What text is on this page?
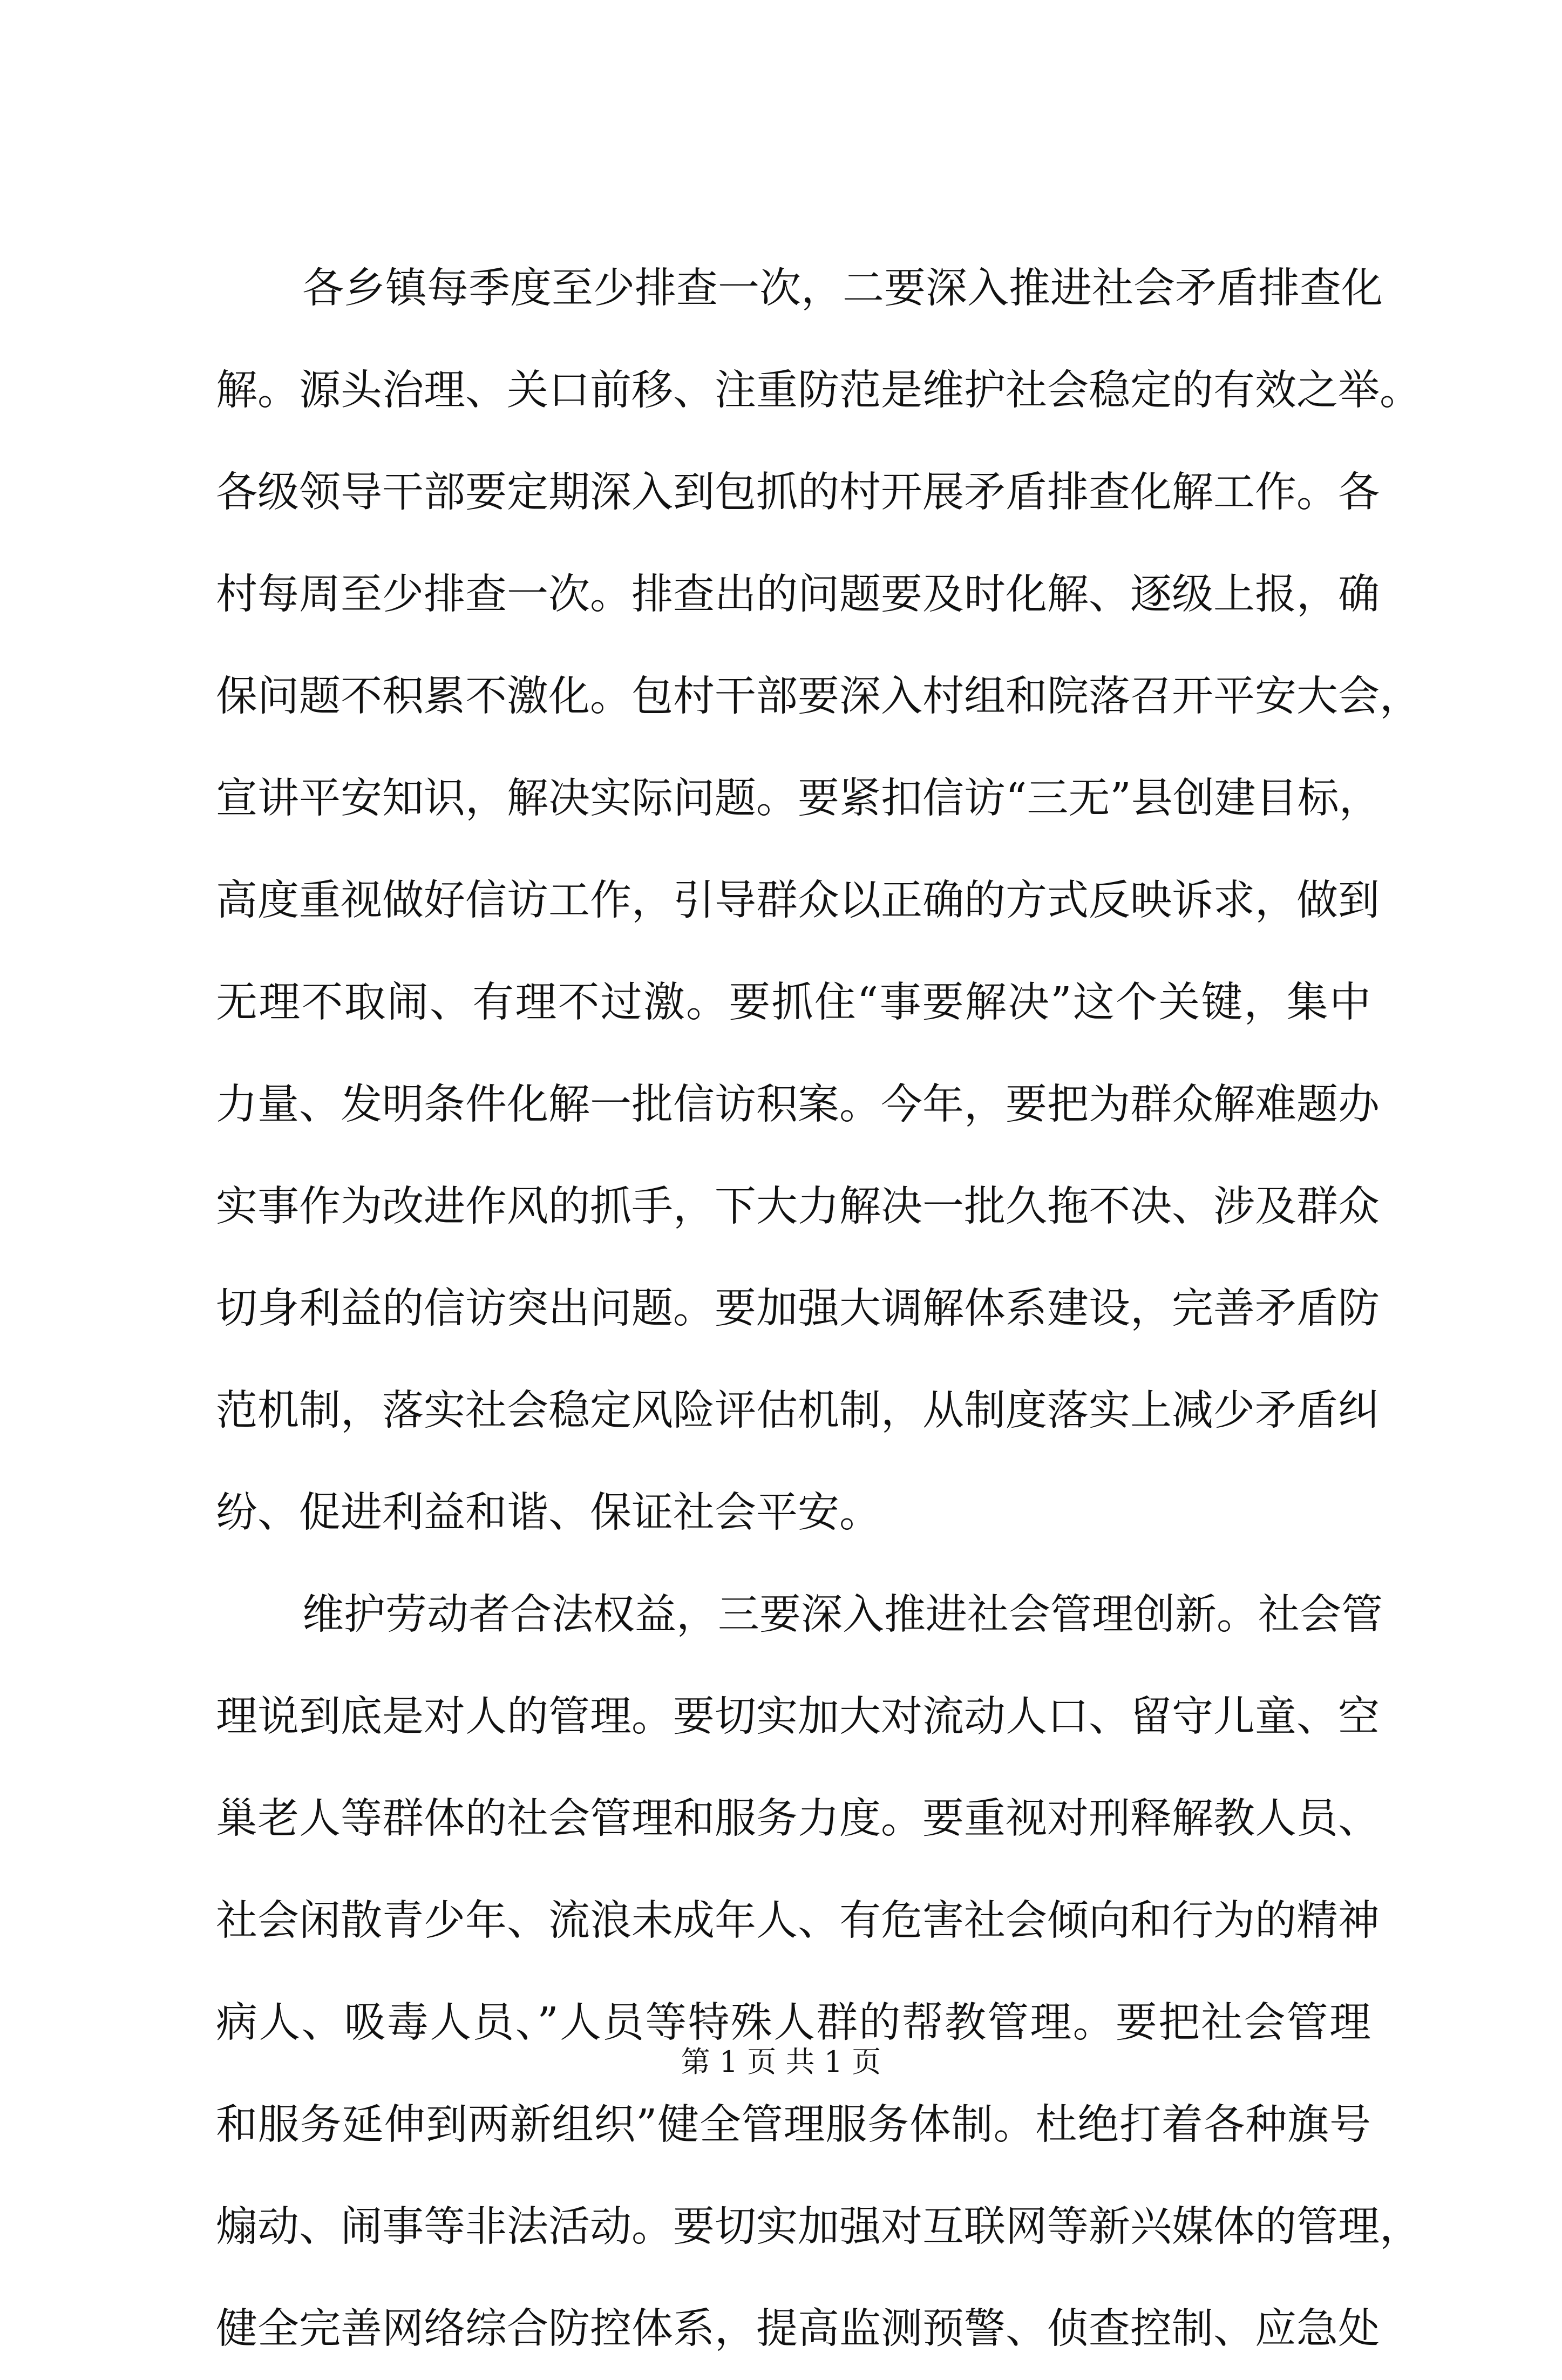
各乡镇每季度至少排查一次，二要深入推进社会矛盾排查化
解。源头治理、关口前移、注重防范是维护社会稳定的有效之举。
各级领导干部要定期深入到包抓的村开展矛盾排查化解工作。各
村每周至少排查一次。排查出的问题要及时化解、逐级上报，确
保问题不积累不激化。包村干部要深入村组和院落召开平安大会，
宣讲平安知识，解决实际问题。要紧扣信访“三无”县创建目标，
高度重视做好信访工作，引导群众以正确的方式反映诉求，做到
无理不取闹、有理不过激。要抓住“事要解决”这个关键，集中
力量、发明条件化解一批信访积案。今年，要把为群众解难题办
实事作为改进作风的抓手，下大力解决一批久拖不决、涉及群众
切身利益的信访突出问题。要加强大调解体系建设，完善矛盾防
范机制，落实社会稳定风险评估机制，从制度落实上减少矛盾纠
纷、促进利益和谐、保证社会平安。
维护劳动者合法权益，三要深入推进社会管理创新。社会管
理说到底是对人的管理。要切实加大对流动人口、留守儿童、空
巢老人等群体的社会管理和服务力度。要重视对刑释解教人员、
社会闲散青少年、流浪未成年人、有危害社会倾向和行为的精神
病人、吸毒人员、”人员等特殊人群的帮教管理。要把社会管理
和服务延伸到两新组织”健全管理服务体制。杜绝打着各种旗号
煽动、闹事等非法活动。要切实加强对互联网等新兴媒体的管理，
健全完善网络综合防控体系，提高监测预警、侦查控制、应急处
第 1 页 共 1 页
